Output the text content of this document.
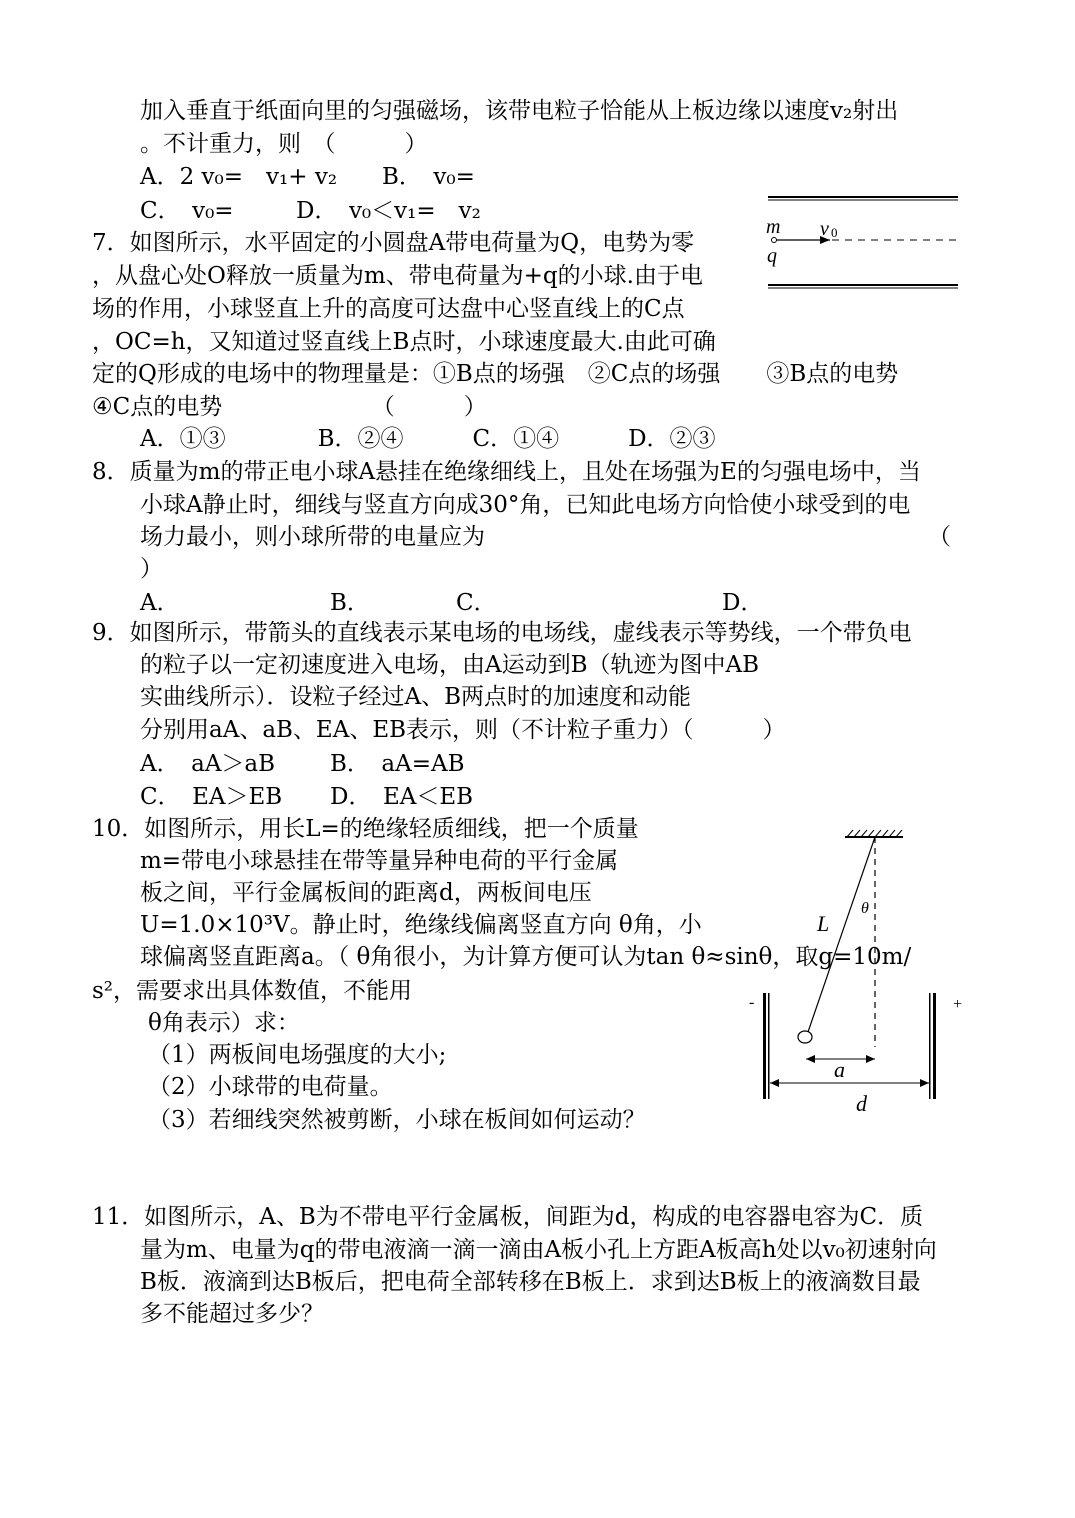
加入垂直于纸面向里的匀强磁场，该带电粒子恰能从上板边缘以速度v₂射出
。不计重力，则　（　　　）
A．2 v₀=　v₁+ v₂ B．　v₀=
C．　v₀=	D．　v₀＜v₁=　v₂
m
q
v 0
7．如图所示，水平固定的小圆盘A带电荷量为Q，电势为零
，从盘心处O释放一质量为m、带电荷量为+q的小球.由于电
场的作用，小球竖直上升的高度可达盘中心竖直线上的C点
，OC=h，又知道过竖直线上B点时，小球速度最大.由此可确
定的Q形成的电场中的物理量是：①B点的场强　②C点的场强　　③B点的电势
④C点的电势　　　　　　　（　　　）
A．①③　　　　B．②④　　　C．①④　　　D．②③
8．质量为m的带正电小球A悬挂在绝缘细线上，且处在场强为E的匀强电场中，当
小球A静止时，细线与竖直方向成30°角，已知此电场方向恰使小球受到的电
场力最小，则小球所带的电量应为	（
）
A．	B．	C．	D．
9．如图所示，带箭头的直线表示某电场的电场线，虚线表示等势线，一个带负电
的粒子以一定初速度进入电场，由A运动到B（轨迹为图中AB
实曲线所示）．设粒子经过A、B两点时的加速度和动能
分别用aA、aB、EA、EB表示，则（不计粒子重力）（　　　）
A．　aA＞aB B．　aA=AB
C．　EA＞EB D．　EA＜EB
10．如图所示，用长L=的绝缘轻质细线，把一个质量
m=带电小球悬挂在带等量异种电荷的平行金属
板之间，平行金属板间的距离d，两板间电压
U=1.0×10³V。静止时，绝缘线偏离竖直方向 θ角，小
球偏离竖直距离a。（ θ角很小，为计算方便可认为tan θ≈sinθ，取g=10m/
s²，需要求出具体数值，不能用
θ角表示）求：
（1）两板间电场强度的大小;
（2）小球带的电荷量。
（3）若细线突然被剪断，小球在板间如何运动？
θ
L
-	+
a
d
11．如图所示，A、B为不带电平行金属板，间距为d，构成的电容器电容为C．质
量为m、电量为q的带电液滴一滴一滴由A板小孔上方距A板高h处以v₀初速射向
B板．液滴到达B板后，把电荷全部转移在B板上．求到达B板上的液滴数目最
多不能超过多少？
